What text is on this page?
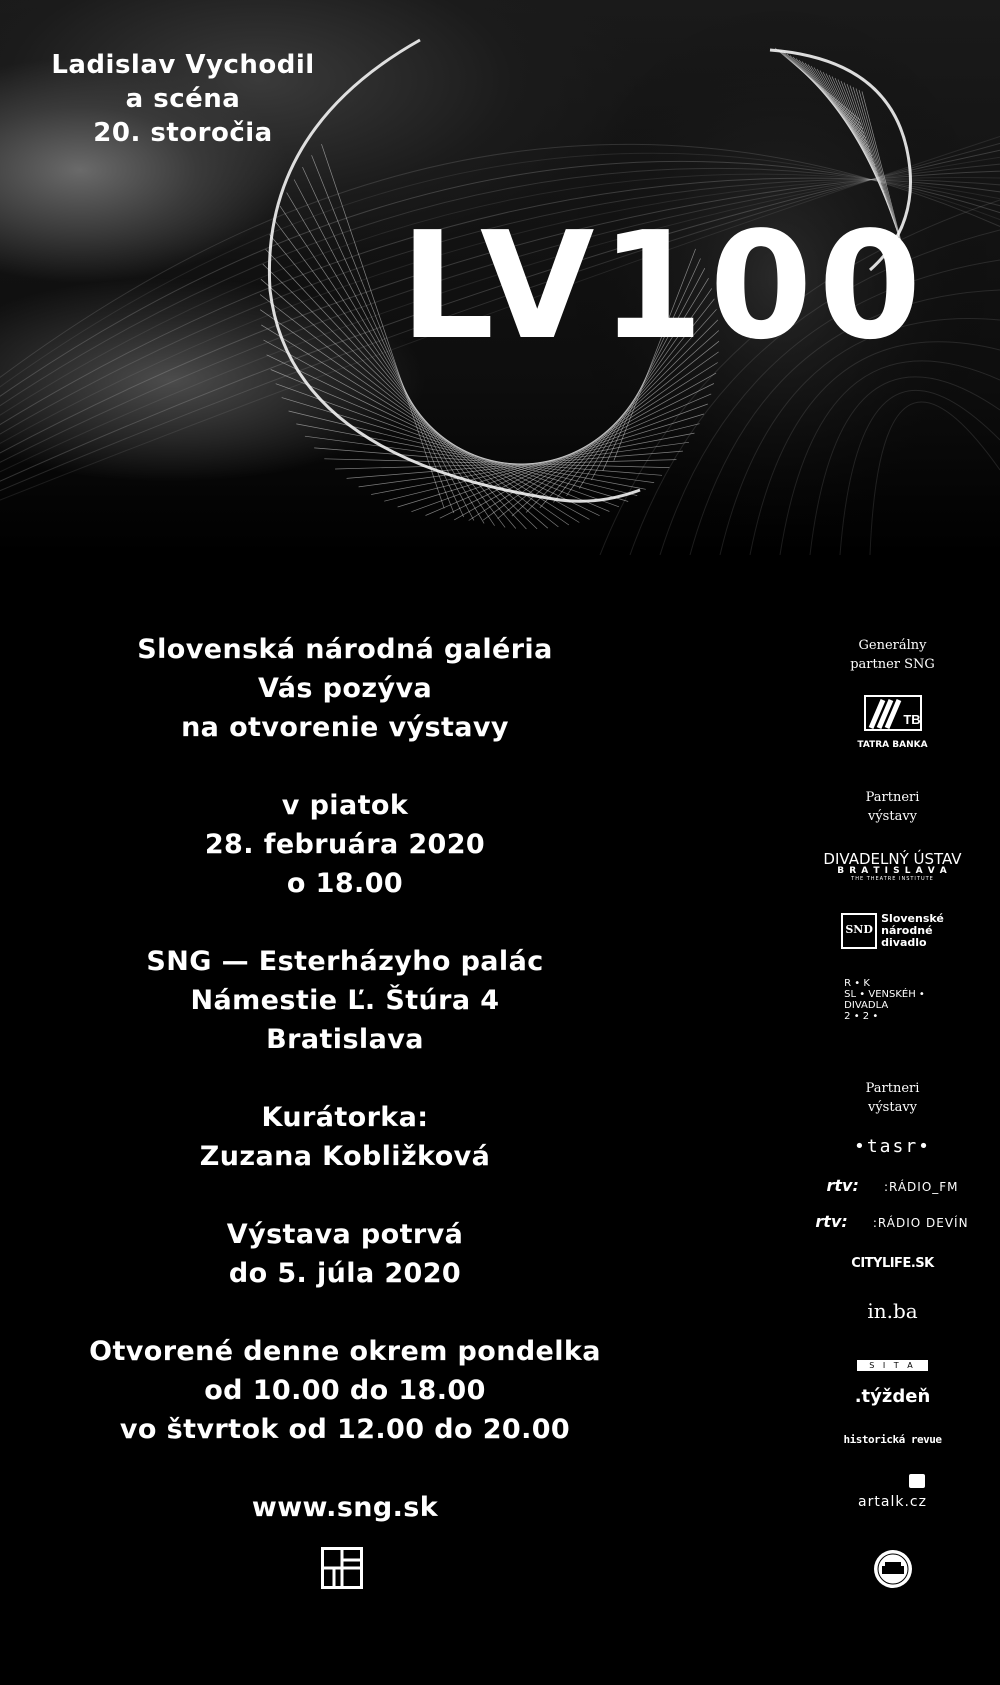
Ladislav Vychodil
a scéna
20. storočia
LV100
Slovenská národná galéria
Vás pozýva
na otvorenie výstavy
v piatok
28. februára 2020
o 18.00
SNG — Esterházyho palác
Námestie Ľ. Štúra 4
Bratislava
Kurátorka:
Zuzana Kobližková
Výstava potrvá
do 5. júla 2020
Otvorené denne okrem pondelka
od 10.00 do 18.00
vo štvrtok od 12.00 do 20.00
www.sng.sk
Generálny
partner SNG
TB
TATRA BANKA
Partneri
výstavy
DIVADELNÝ ÚSTAV
B R A T I S L A V A
THE THEATRE INSTITUTE
SND
Slovenské
národné
divadlo
R • K
SL • VENSKÉH •
DIVADLA
2 • 2 •
Partneri
výstavy
•tasr•
rtv: :RÁDIO_FM
rtv: :RÁDIO DEVÍN
CITYLIFE.SK
in.ba
S I T A
.týždeň
historická revue
artalk.cz
